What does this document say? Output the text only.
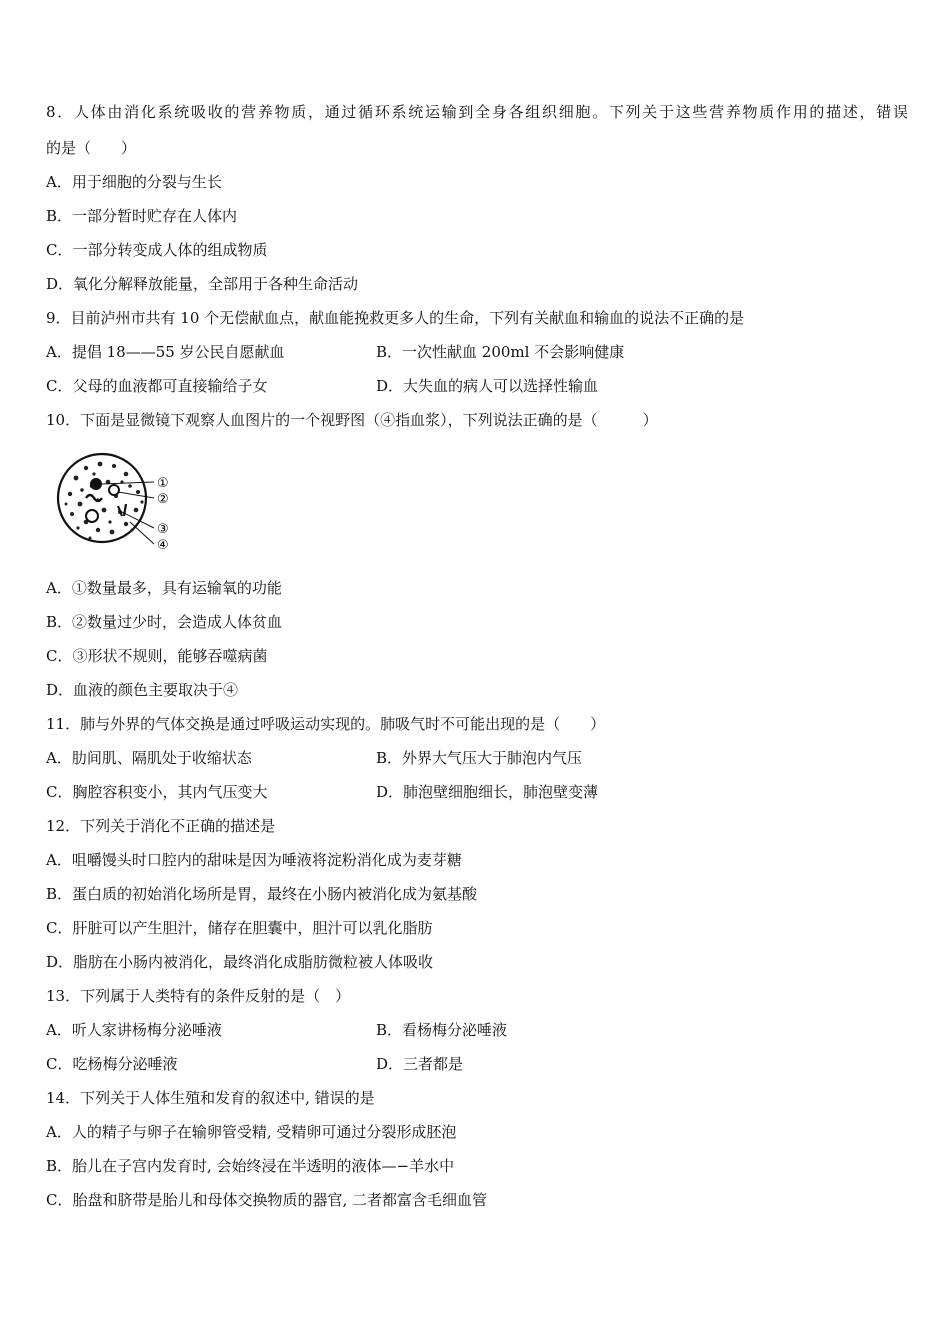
8．人体由消化系统吸收的营养物质，通过循环系统运输到全身各组织细胞。下列关于这些营养物质作用的描述，错误
的是（　　）
A．用于细胞的分裂与生长
B．一部分暂时贮存在人体内
C．一部分转变成人体的组成物质
D．氧化分解释放能量，全部用于各种生命活动
9．目前泸州市共有 10 个无偿献血点，献血能挽救更多人的生命，下列有关献血和输血的说法不正确的是
A．提倡 18——55 岁公民自愿献血	B．一次性献血 200ml 不会影响健康
C．父母的血液都可直接输给子女	D．大失血的病人可以选择性输血
10．下面是显微镜下观察人血图片的一个视野图（④指血浆），下列说法正确的是（　　　）
①
②
③
④
A．①数量最多，具有运输氧的功能
B．②数量过少时，会造成人体贫血
C．③形状不规则，能够吞噬病菌
D．血液的颜色主要取决于④
11．肺与外界的气体交换是通过呼吸运动实现的。肺吸气时不可能出现的是（　　）
A．肋间肌、隔肌处于收缩状态	B．外界大气压大于肺泡内气压
C．胸腔容积变小，其内气压变大	D．肺泡壁细胞细长，肺泡壁变薄
12．下列关于消化不正确的描述是
A．咀嚼馒头时口腔内的甜味是因为唾液将淀粉消化成为麦芽糖
B．蛋白质的初始消化场所是胃，最终在小肠内被消化成为氨基酸
C．肝脏可以产生胆汁，储存在胆囊中，胆汁可以乳化脂肪
D．脂肪在小肠内被消化，最终消化成脂肪微粒被人体吸收
13．下列属于人类特有的条件反射的是（　）
A．听人家讲杨梅分泌唾液	B．看杨梅分泌唾液
C．吃杨梅分泌唾液	D．三者都是
14．下列关于人体生殖和发育的叙述中, 错误的是
A．人的精子与卵子在输卵管受精, 受精卵可通过分裂形成胚泡
B．胎儿在子宫内发育时, 会始终浸在半透明的液体—−羊水中
C．胎盘和脐带是胎儿和母体交换物质的器官, 二者都富含毛细血管
